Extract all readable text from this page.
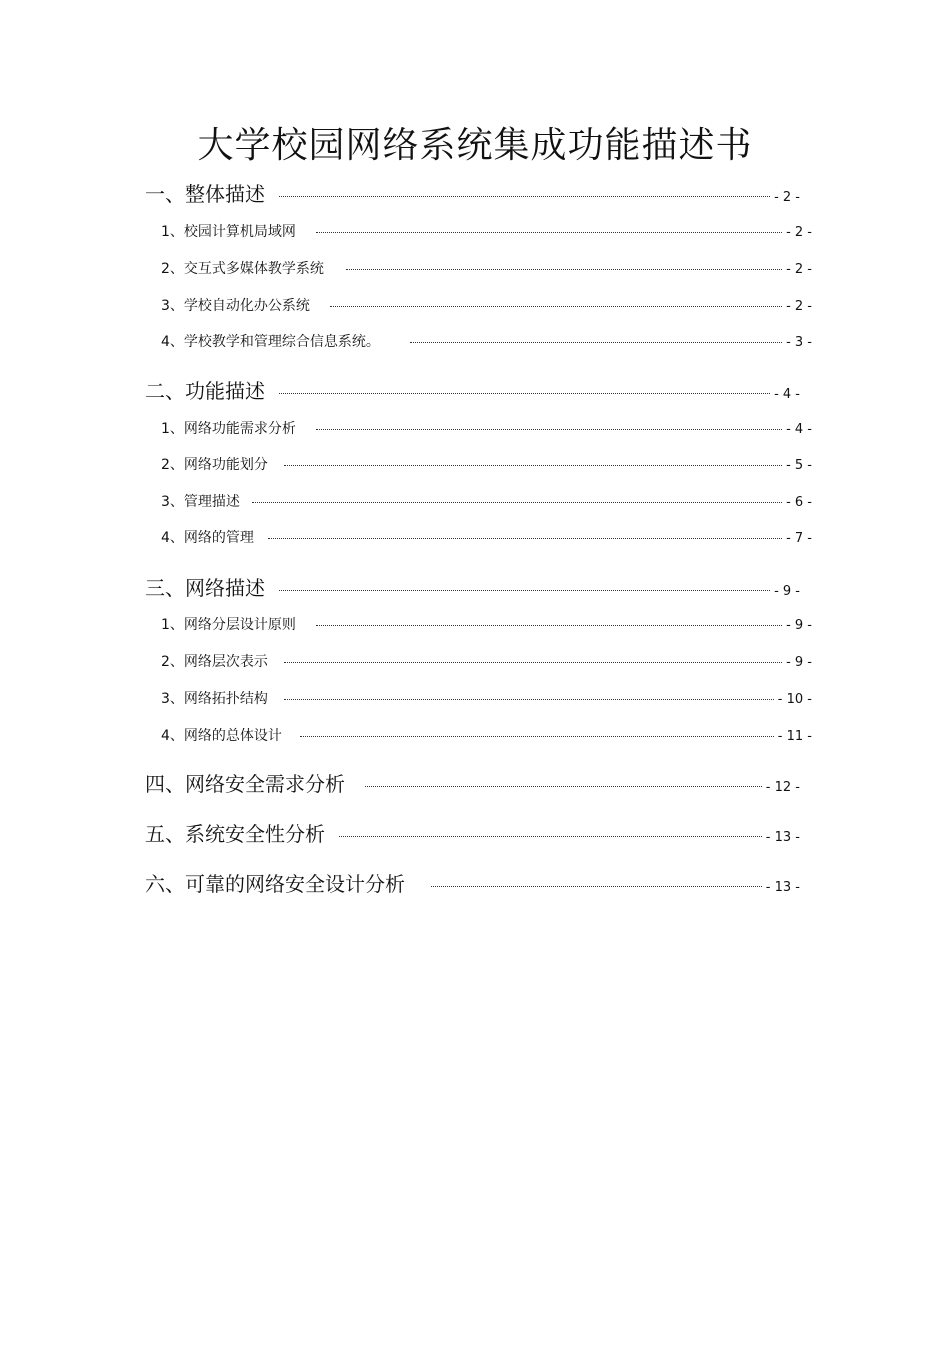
大学校园网络系统集成功能描述书
一、整体描述	- 2 -
1、校园计算机局域网	- 2 -
2、交互式多媒体教学系统	- 2 -
3、学校自动化办公系统	- 2 -
4、学校教学和管理综合信息系统。	- 3 -
二、功能描述	- 4 -
1、网络功能需求分析	- 4 -
2、网络功能划分	- 5 -
3、管理描述	- 6 -
4、网络的管理	- 7 -
三、网络描述	- 9 -
1、网络分层设计原则	- 9 -
2、网络层次表示	- 9 -
3、网络拓扑结构	- 10 -
4、网络的总体设计	- 11 -
四、网络安全需求分析	- 12 -
五、系统安全性分析	- 13 -
六、可靠的网络安全设计分析	- 13 -
